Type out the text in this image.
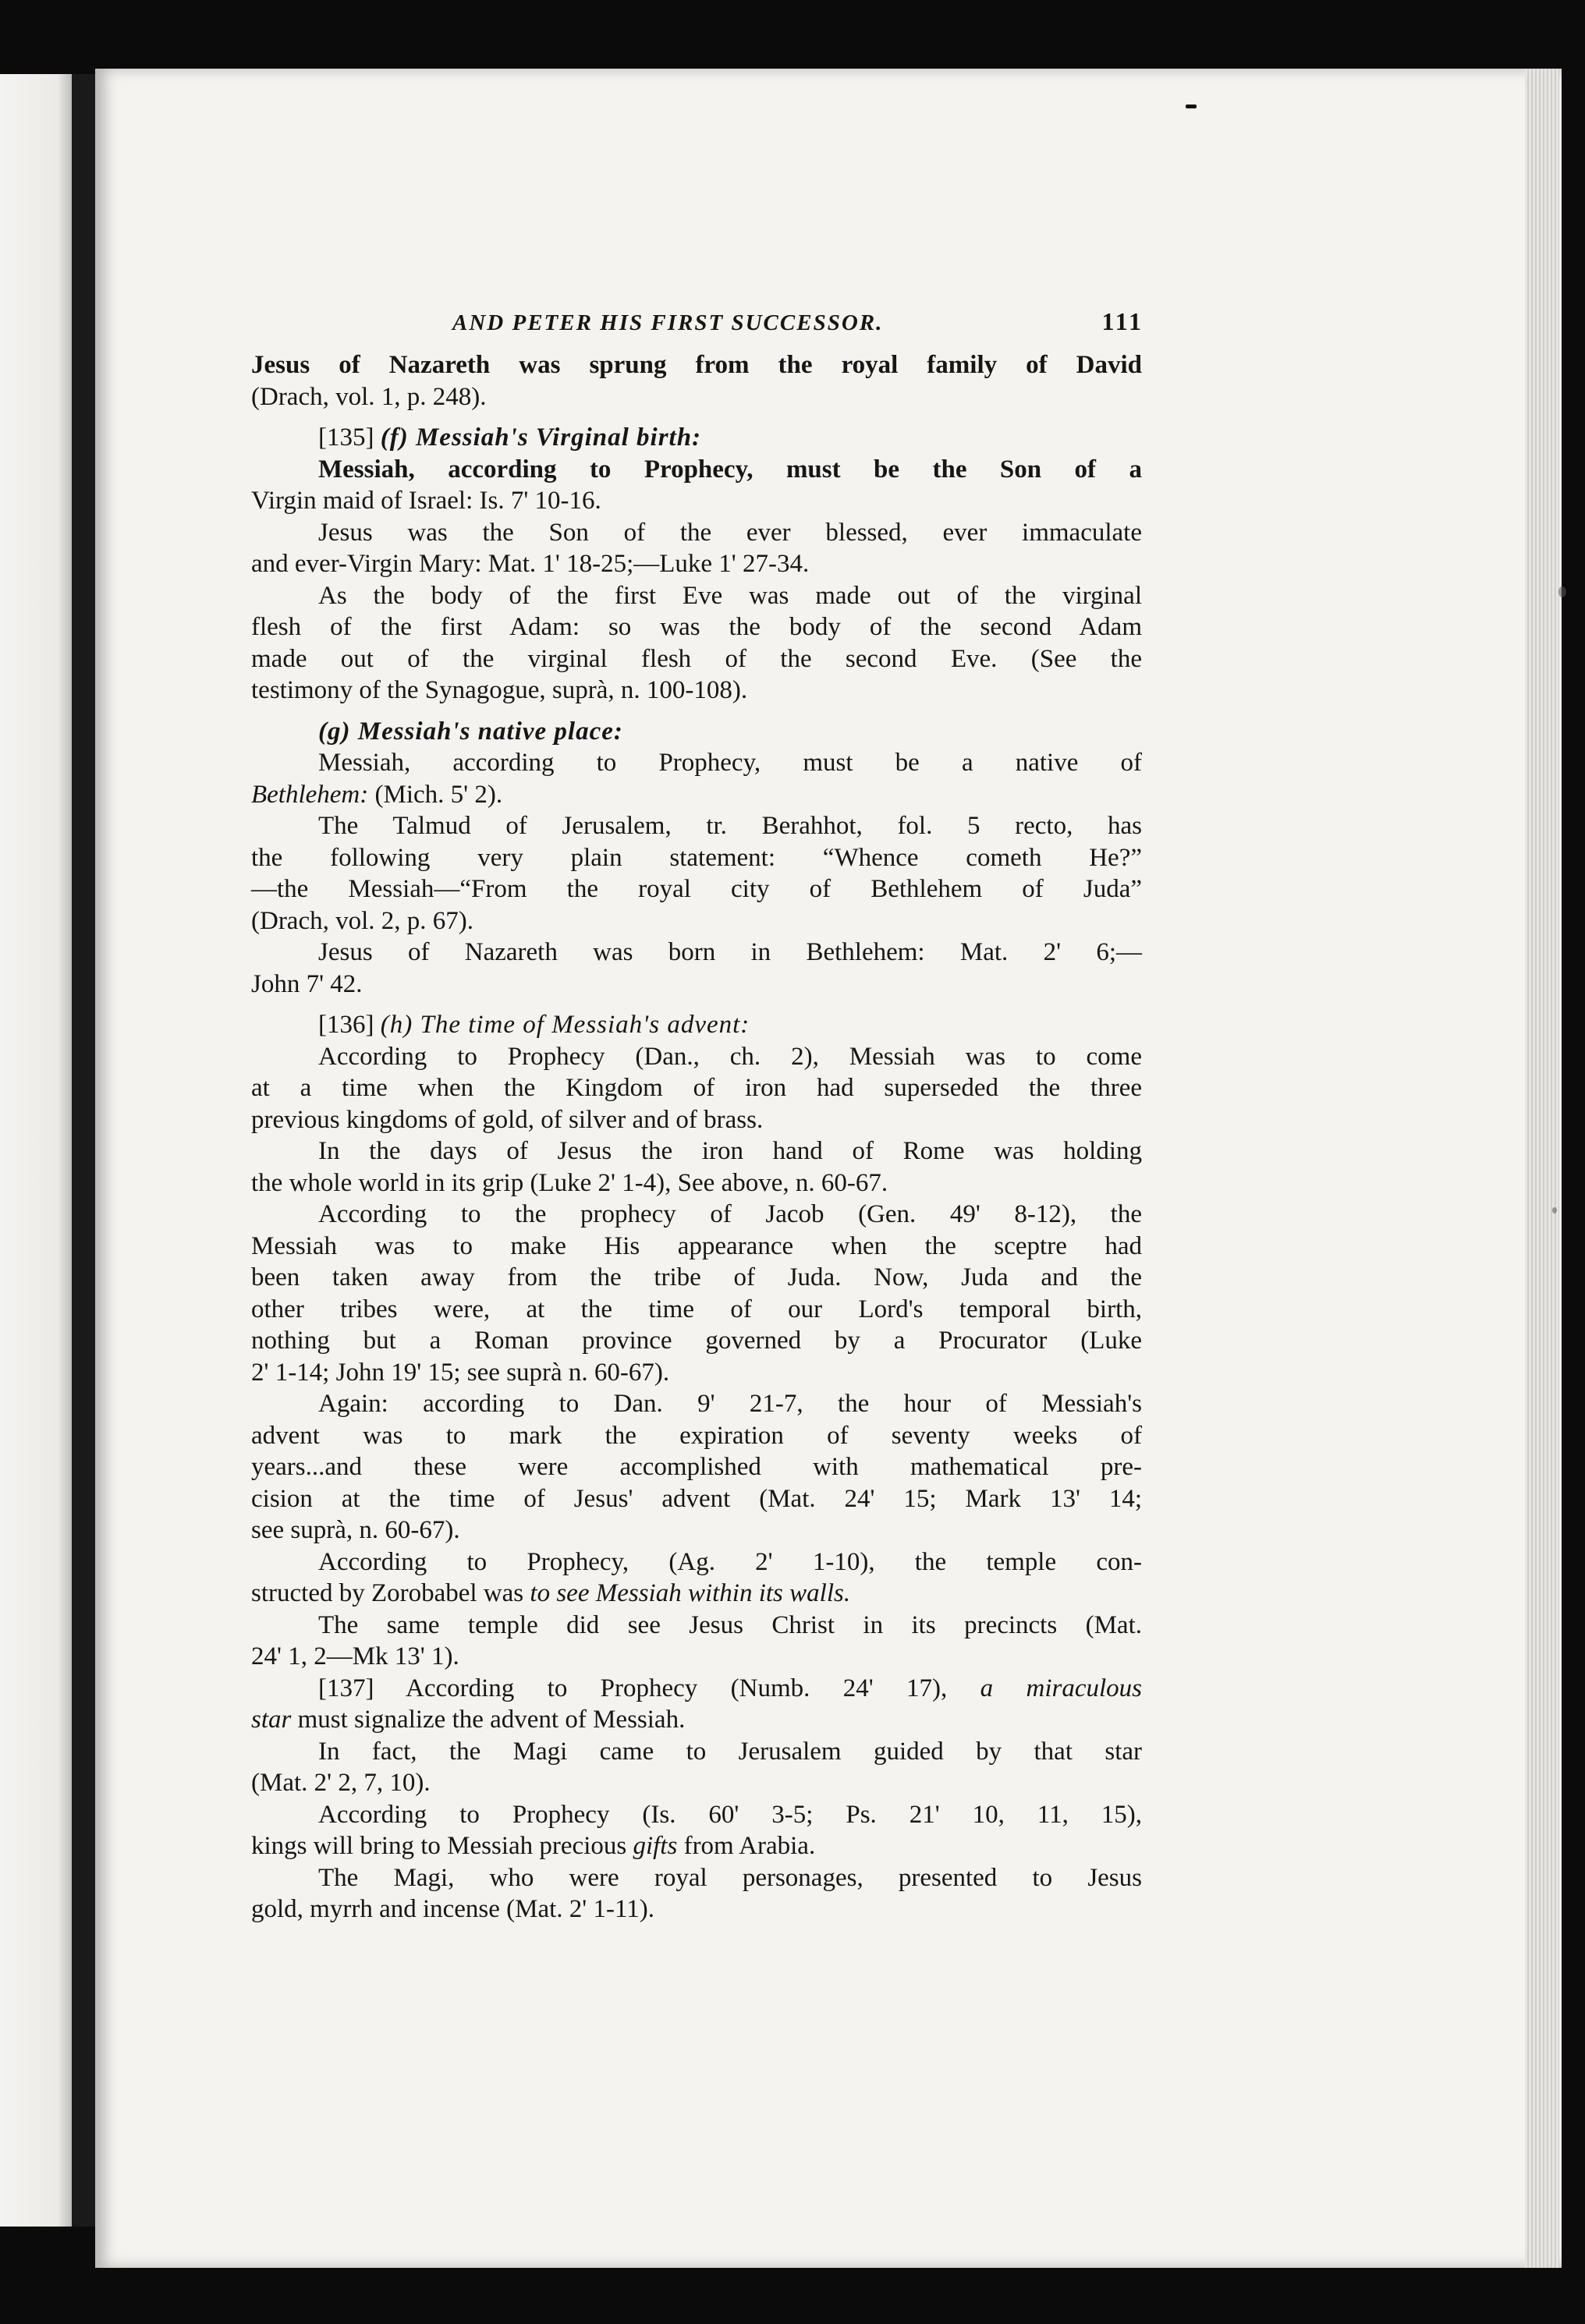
AND PETER HIS FIRST SUCCESSOR.	111
Jesus of Nazareth was sprung from the royal family of David
(Drach, vol. 1, p. 248).
[135] (f) Messiah's Virginal birth:
Messiah, according to Prophecy, must be the Son of a
Virgin maid of Israel: Is. 7' 10-16.
Jesus was the Son of the ever blessed, ever immaculate
and ever-Virgin Mary: Mat. 1' 18-25;—Luke 1' 27-34.
As the body of the first Eve was made out of the virginal
flesh of the first Adam: so was the body of the second Adam
made out of the virginal flesh of the second Eve. (See the
testimony of the Synagogue, suprà, n. 100-108).
(g) Messiah's native place:
Messiah, according to Prophecy, must be a native of
Bethlehem: (Mich. 5' 2).
The Talmud of Jerusalem, tr. Berahhot, fol. 5 recto, has
the following very plain statement: “Whence cometh He?”
—the Messiah—“From the royal city of Bethlehem of Juda”
(Drach, vol. 2, p. 67).
Jesus of Nazareth was born in Bethlehem: Mat. 2' 6;—
John 7' 42.
[136] (h) The time of Messiah's advent:
According to Prophecy (Dan., ch. 2), Messiah was to come
at a time when the Kingdom of iron had superseded the three
previous kingdoms of gold, of silver and of brass.
In the days of Jesus the iron hand of Rome was holding
the whole world in its grip (Luke 2' 1-4), See above, n. 60-67.
According to the prophecy of Jacob (Gen. 49' 8-12), the
Messiah was to make His appearance when the sceptre had
been taken away from the tribe of Juda. Now, Juda and the
other tribes were, at the time of our Lord's temporal birth,
nothing but a Roman province governed by a Procurator (Luke
2' 1-14; John 19' 15; see suprà n. 60-67).
Again: according to Dan. 9' 21-7, the hour of Messiah's
advent was to mark the expiration of seventy weeks of
years...and these were accomplished with mathematical pre-
cision at the time of Jesus' advent (Mat. 24' 15; Mark 13' 14;
see suprà, n. 60-67).
According to Prophecy, (Ag. 2' 1-10), the temple con-
structed by Zorobabel was to see Messiah within its walls.
The same temple did see Jesus Christ in its precincts (Mat.
24' 1, 2—Mk 13' 1).
[137] According to Prophecy (Numb. 24' 17), a miraculous
star must signalize the advent of Messiah.
In fact, the Magi came to Jerusalem guided by that star
(Mat. 2' 2, 7, 10).
According to Prophecy (Is. 60' 3-5; Ps. 21' 10, 11, 15),
kings will bring to Messiah precious gifts from Arabia.
The Magi, who were royal personages, presented to Jesus
gold, myrrh and incense (Mat. 2' 1-11).
